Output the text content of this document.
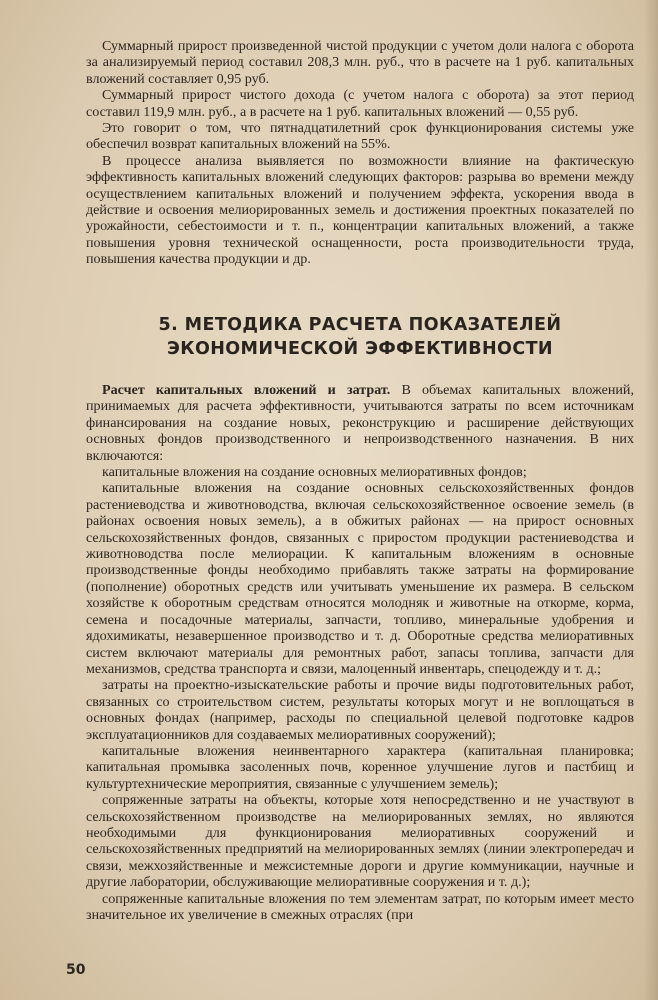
Суммарный прирост произведенной чистой продукции с учетом доли налога с оборота за анализируемый период составил 208,3 млн. руб., что в расчете на 1 руб. капитальных вложений составляет 0,95 руб.

Суммарный прирост чистого дохода (с учетом налога с оборота) за этот период составил 119,9 млн. руб., а в расчете на 1 руб. капитальных вложений — 0,55 руб.

Это говорит о том, что пятнадцатилетний срок функционирования системы уже обеспечил возврат капитальных вложений на 55%.

В процессе анализа выявляется по возможности влияние на фактическую эффективность капитальных вложений следующих факторов: разрыва во времени между осуществлением капитальных вложений и получением эффекта, ускорения ввода в действие и освоения мелиорированных земель и достижения проектных показателей по урожайности, себестоимости и т. п., концентрации капитальных вложений, а также повышения уровня технической оснащенности, роста производительности труда, повышения качества продукции и др.

5. МЕТОДИКА РАСЧЕТА ПОКАЗАТЕЛЕЙ
ЭКОНОМИЧЕСКОЙ ЭФФЕКТИВНОСТИ

Расчет капитальных вложений и затрат. В объемах капитальных вложений, принимаемых для расчета эффективности, учитываются затраты по всем источникам финансирования на создание новых, реконструкцию и расширение действующих основных фондов производственного и непроизводственного назначения. В них включаются:

капитальные вложения на создание основных мелиоративных фондов;

капитальные вложения на создание основных сельскохозяйственных фондов растениеводства и животноводства, включая сельскохозяйственное освоение земель (в районах освоения новых земель), а в обжитых районах — на прирост основных сельскохозяйственных фондов, связанных с приростом продукции растениеводства и животноводства после мелиорации. К капитальным вложениям в основные производственные фонды необходимо прибавлять также затраты на формирование (пополнение) оборотных средств или учитывать уменьшение их размера. В сельском хозяйстве к оборотным средствам относятся молодняк и животные на откорме, корма, семена и посадочные материалы, запчасти, топливо, минеральные удобрения и ядохимикаты, незавершенное производство и т. д. Оборотные средства мелиоративных систем включают материалы для ремонтных работ, запасы топлива, запчасти для механизмов, средства транспорта и связи, малоценный инвентарь, спецодежду и т. д.;

затраты на проектно-изыскательские работы и прочие виды подготовительных работ, связанных со строительством систем, результаты которых могут и не воплощаться в основных фондах (например, расходы по специальной целевой подготовке кадров эксплуатационников для создаваемых мелиоративных сооружений);

капитальные вложения неинвентарного характера (капитальная планировка; капитальная промывка засоленных почв, коренное улучшение лугов и пастбищ и культуртехнические мероприятия, связанные с улучшением земель);

сопряженные затраты на объекты, которые хотя непосредственно и не участвуют в сельскохозяйственном производстве на мелиорированных землях, но являются необходимыми для функционирования мелиоративных сооружений и сельскохозяйственных предприятий на мелиорированных землях (линии электропередач и связи, межхозяйственные и межсистемные дороги и другие коммуникации, научные и другие лаборатории, обслуживающие мелиоративные сооружения и т. д.);

сопряженные капитальные вложения по тем элементам затрат, по которым имеет место значительное их увеличение в смежных отраслях (при

50
